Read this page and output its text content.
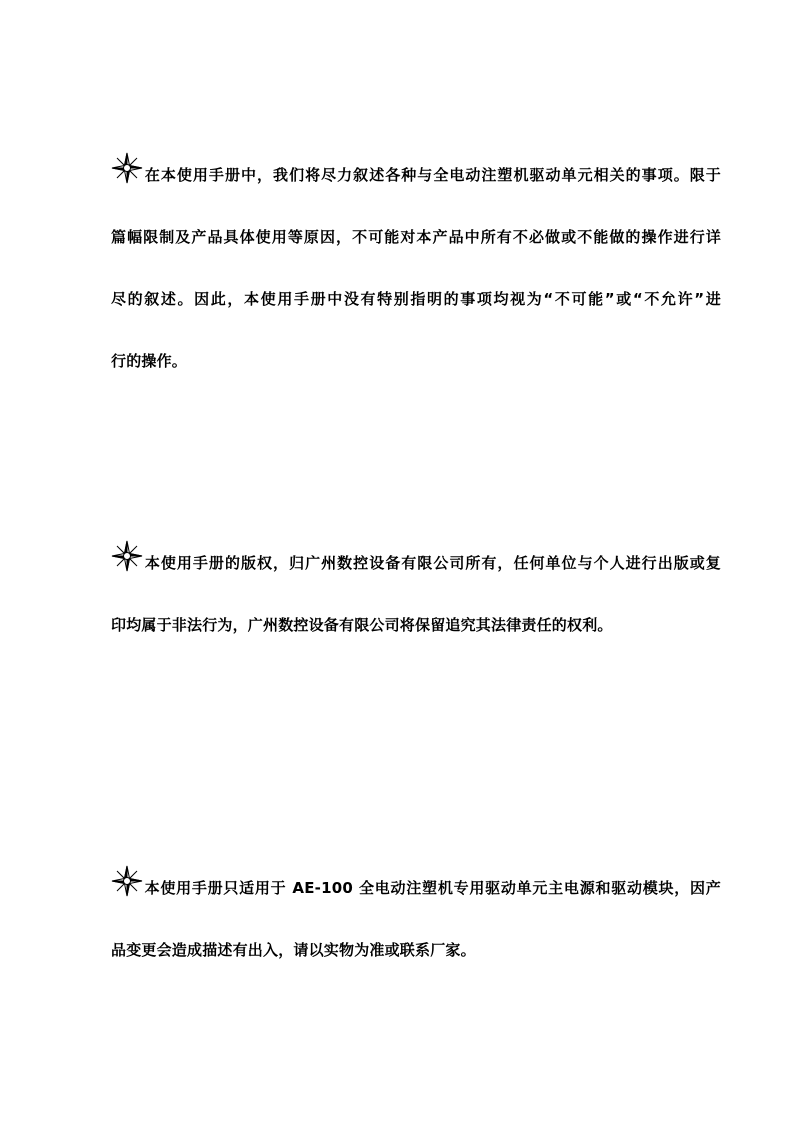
在本使用手册中，我们将尽力叙述各种与全电动注塑机驱动单元相关的事项。限于
篇幅限制及产品具体使用等原因，不可能对本产品中所有不必做或不能做的操作进行详
尽的叙述。因此，本使用手册中没有特别指明的事项均视为“不可能”或“不允许”进
行的操作。
本使用手册的版权，归广州数控设备有限公司所有，任何单位与个人进行出版或复
印均属于非法行为，广州数控设备有限公司将保留追究其法律责任的权利。
本使用手册只适用于 AE-100 全电动注塑机专用驱动单元主电源和驱动模块，因产
品变更会造成描述有出入，请以实物为准或联系厂家。
